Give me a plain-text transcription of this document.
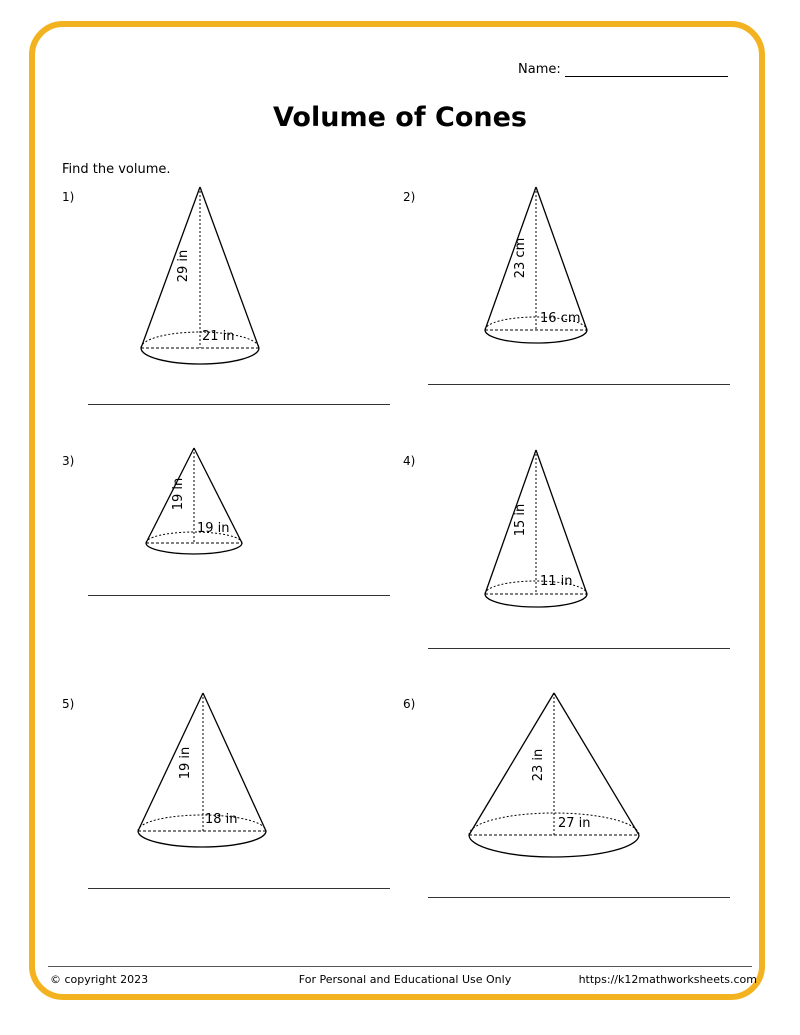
Name:
Volume of Cones
Find the volume.
1)
29 in
21 in
2)
23 cm
16 cm
3)
19 in
19 in
4)
15 in
11 in
5)
19 in
18 in
6)
23 in
27 in
© copyright 2023	For Personal and Educational Use Only	https://k12mathworksheets.com
